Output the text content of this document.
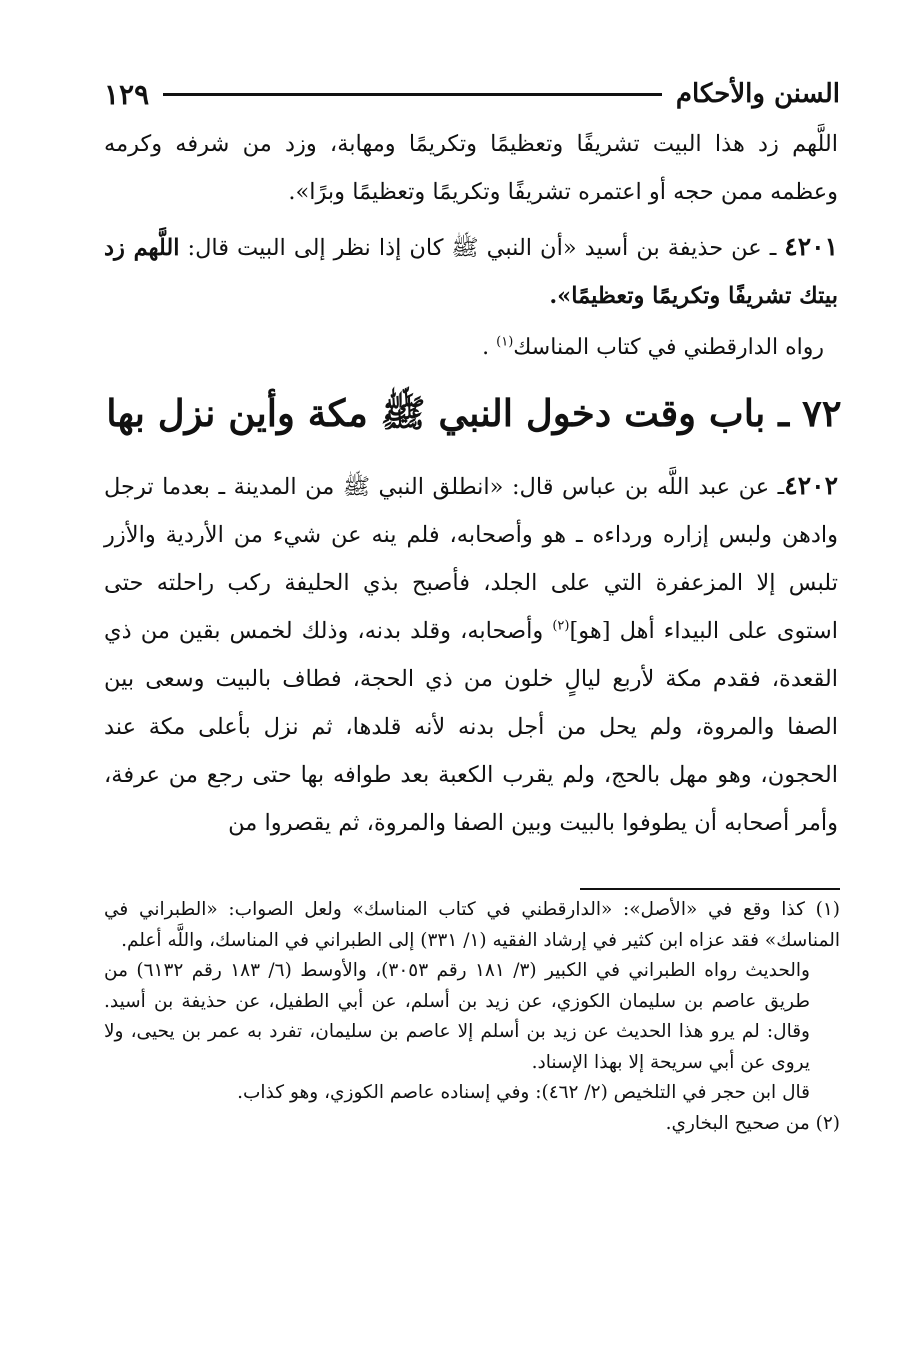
السنن والأحكام
١٢٩
اللَّهم زد هذا البيت تشريفًا وتعظيمًا وتكريمًا ومهابة، وزد من شرفه وكرمه وعظمه ممن حجه أو اعتمره تشريفًا وتكريمًا وتعظيمًا وبرًا».
٤٢٠١ ـ عن حذيفة بن أسيد «أن النبي ﷺ كان إذا نظر إلى البيت قال: اللَّهم زد بيتك تشريفًا وتكريمًا وتعظيمًا».
رواه الدارقطني في كتاب المناسك$^{(١)}$ .
٧٢ ـ باب وقت دخول النبي ﷺ مكة وأين نزل بها
٤٢٠٢ـ عن عبد اللَّه بن عباس قال: «انطلق النبي ﷺ من المدينة ـ بعدما ترجل وادهن ولبس إزاره ورداءه ـ هو وأصحابه، فلم ينه عن شيء من الأردية والأزر تلبس إلا المزعفرة التي على الجلد، فأصبح بذي الحليفة ركب راحلته حتى استوى على البيداء أهل [هو]$^{(٢)}$ وأصحابه، وقلد بدنه، وذلك لخمس بقين من ذي القعدة، فقدم مكة لأربع ليالٍ خلون من ذي الحجة، فطاف بالبيت وسعى بين الصفا والمروة، ولم يحل من أجل بدنه لأنه قلدها، ثم نزل بأعلى مكة عند الحجون، وهو مهل بالحج، ولم يقرب الكعبة بعد طوافه بها حتى رجع من عرفة، وأمر أصحابه أن يطوفوا بالبيت وبين الصفا والمروة، ثم يقصروا من

(١) كذا وقع في «الأصل»: «الدارقطني في كتاب المناسك» ولعل الصواب: «الطبراني في المناسك» فقد عزاه ابن كثير في إرشاد الفقيه (١/ ٣٣١) إلى الطبراني في المناسك، واللَّه أعلم.

والحديث رواه الطبراني في الكبير (٣/ ١٨١ رقم ٣٠٥٣)، والأوسط (٦/ ١٨٣ رقم ٦١٣٢) من طريق عاصم بن سليمان الكوزي، عن زيد بن أسلم، عن أبي الطفيل، عن حذيفة بن أسيد. وقال: لم يرو هذا الحديث عن زيد بن أسلم إلا عاصم بن سليمان، تفرد به عمر بن يحيى، ولا يروى عن أبي سريحة إلا بهذا الإسناد.

قال ابن حجر في التلخيص (٢/ ٤٦٢): وفي إسناده عاصم الكوزي، وهو كذاب.

(٢) من صحيح البخاري.
